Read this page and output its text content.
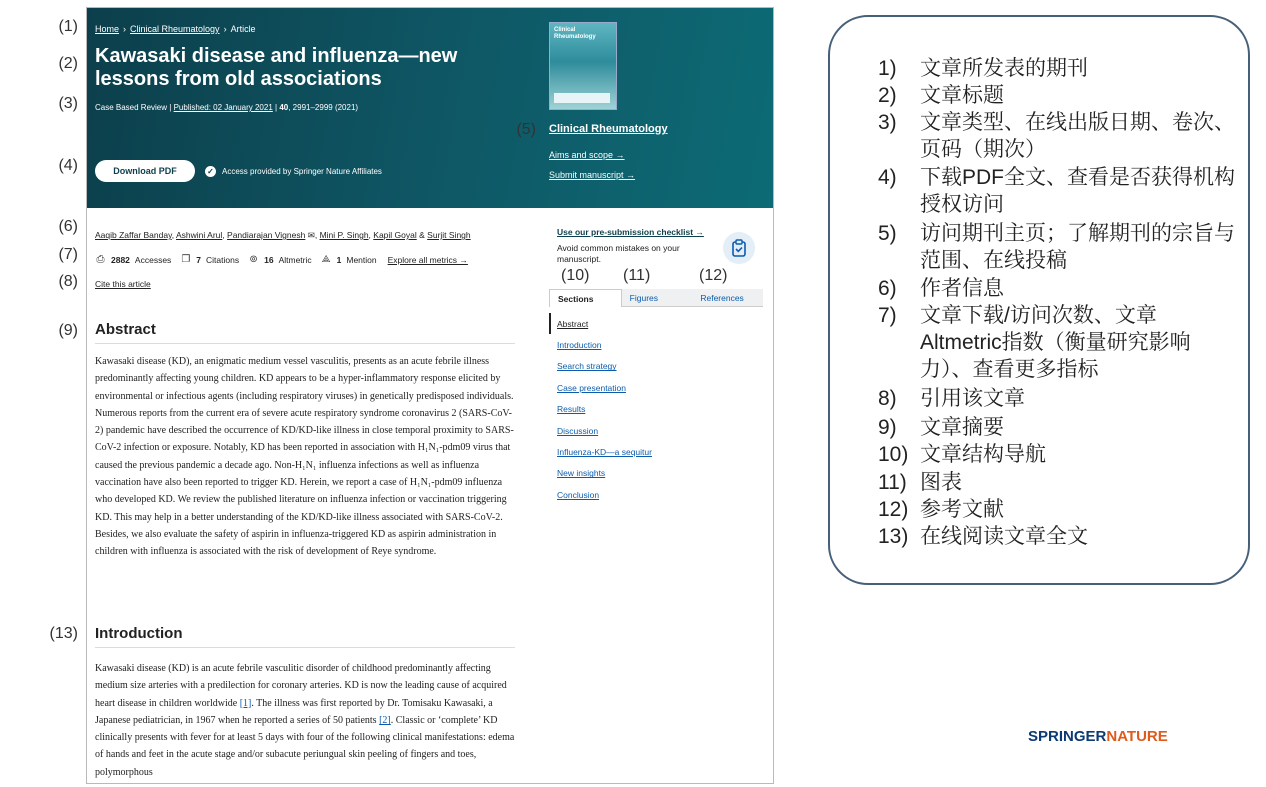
(1)
(2)
(3)
(4)
(6)
(7)
(8)
(9)
(13)
Home › Clinical Rheumatology › Article
Kawasaki disease and influenza—new lessons from old associations
Case Based Review | Published: 02 January 2021 | 40, 2991–2999 (2021)
Download PDF	✓ Access provided by Springer Nature Affiliates
Clinical Rheumatology
Clinical Rheumatology
Aims and scope →
Submit manuscript →
Aaqib Zaffar Banday, Ashwini Arul, Pandiarajan Vignesh ✉, Mini P. Singh, Kapil Goyal & Surjit Singh
⎙ 2882 Accesses ❐ 7 Citations ⊚ 16 Altmetric ⟁ 1 Mention Explore all metrics →
Cite this article
Abstract
Kawasaki disease (KD), an enigmatic medium vessel vasculitis, presents as an acute febrile illness predominantly affecting young children. KD appears to be a hyper-inflammatory response elicited by environmental or infectious agents (including respiratory viruses) in genetically predisposed individuals. Numerous reports from the current era of severe acute respiratory syndrome coronavirus 2 (SARS-CoV-2) pandemic have described the occurrence of KD/KD-like illness in close temporal proximity to SARS-CoV-2 infection or exposure. Notably, KD has been reported in association with H₁N₁-pdm09 virus that caused the previous pandemic a decade ago. Non-H₁N₁ influenza infections as well as influenza vaccination have also been reported to trigger KD. Herein, we report a case of H₁N₁-pdm09 influenza who developed KD. We review the published literature on influenza infection or vaccination triggering KD. This may help in a better understanding of the KD/KD-like illness associated with SARS-CoV-2. Besides, we also evaluate the safety of aspirin in influenza-triggered KD as aspirin administration in children with influenza is associated with the risk of development of Reye syndrome.
Introduction
Kawasaki disease (KD) is an acute febrile vasculitic disorder of childhood predominantly affecting medium size arteries with a predilection for coronary arteries. KD is now the leading cause of acquired heart disease in children worldwide [1]. The illness was first reported by Dr. Tomisaku Kawasaki, a Japanese pediatrician, in 1967 when he reported a series of 50 patients [2]. Classic or ‘complete’ KD clinically presents with fever for at least 5 days with four of the following clinical manifestations: edema of hands and feet in the acute stage and/or subacute periungual skin peeling of fingers and toes, polymorphous
Use our pre-submission checklist →
Avoid common mistakes on your manuscript.
(10) (11)	(12)
Sections	Figures	References
Abstract
Introduction
Search strategy
Case presentation
Results
Discussion
Influenza-KD—a sequitur
New insights
Conclusion
(5)
1)	文章所发表的期刊
2)	文章标题
3)	文章类型、在线出版日期、卷次、页码（期次）
4)	下载PDF全文、查看是否获得机构授权访问
5)	访问期刊主页；了解期刊的宗旨与范围、在线投稿
6)	作者信息
7)	文章下载/访问次数、文章Altmetric指数（衡量研究影响力）、查看更多指标
8)	引用该文章
9)	文章摘要
10) 文章结构导航
11) 图表
12) 参考文献
13) 在线阅读文章全文
SPRINGERNATURE
